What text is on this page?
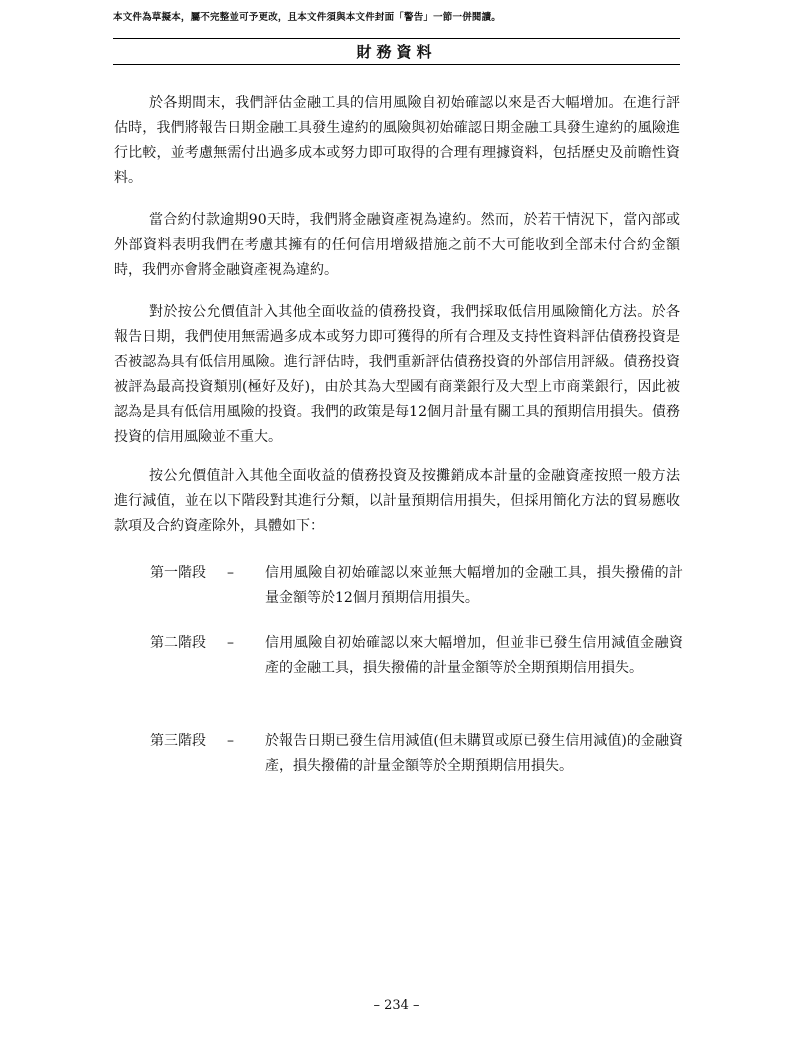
本文件為草擬本，屬不完整並可予更改，且本文件須與本文件封面「警告」一節一併閱讀。
財務資料

於各期間末，我們評估金融工具的信用風險自初始確認以來是否大幅增加。在進行評估時，我們將報告日期金融工具發生違約的風險與初始確認日期金融工具發生違約的風險進行比較，並考慮無需付出過多成本或努力即可取得的合理有理據資料，包括歷史及前瞻性資料。

當合約付款逾期90天時，我們將金融資產視為違約。然而，於若干情況下，當內部或外部資料表明我們在考慮其擁有的任何信用增級措施之前不大可能收到全部未付合約金額時，我們亦會將金融資產視為違約。

對於按公允價值計入其他全面收益的債務投資，我們採取低信用風險簡化方法。於各報告日期，我們使用無需過多成本或努力即可獲得的所有合理及支持性資料評估債務投資是否被認為具有低信用風險。進行評估時，我們重新評估債務投資的外部信用評級。債務投資被評為最高投資類別(極好及好)，由於其為大型國有商業銀行及大型上市商業銀行，因此被認為是具有低信用風險的投資。我們的政策是每12個月計量有關工具的預期信用損失。債務投資的信用風險並不重大。

按公允價值計入其他全面收益的債務投資及按攤銷成本計量的金融資產按照一般方法進行減值，並在以下階段對其進行分類，以計量預期信用損失，但採用簡化方法的貿易應收款項及合約資產除外，具體如下：

第一階段 – 信用風險自初始確認以來並無大幅增加的金融工具，損失撥備的計量金額等於12個月預期信用損失。

第二階段 – 信用風險自初始確認以來大幅增加，但並非已發生信用減值金融資產的金融工具，損失撥備的計量金額等於全期預期信用損失。

第三階段 – 於報告日期已發生信用減值(但未購買或原已發生信用減值)的金融資產，損失撥備的計量金額等於全期預期信用損失。

– 234 –
